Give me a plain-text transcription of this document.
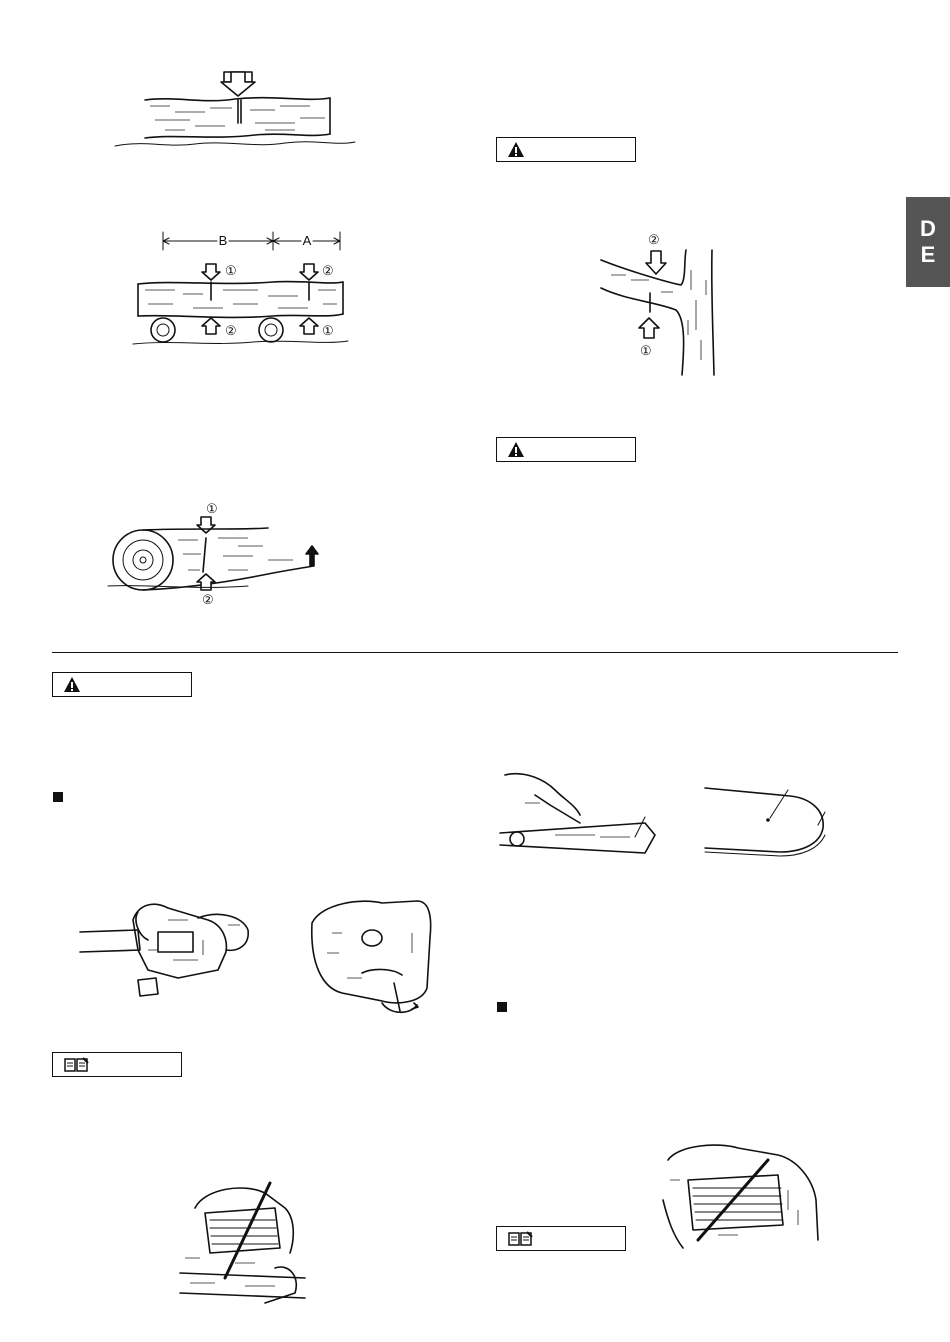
D
E
B	A
①	②
②	①
①
②
②
①
